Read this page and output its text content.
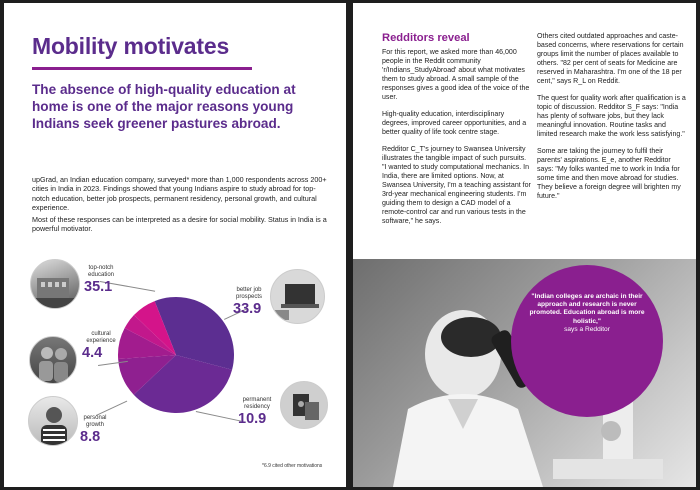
Mobility motivates
The absence of high-quality education at home is one of the major reasons young Indians seek greener pastures abroad.
upGrad, an Indian education company, surveyed* more than 1,000 respondents across 200+ cities in India in 2023. Findings showed that young Indians aspire to study abroad for top-notch education, better job prospects, permanent residency, personal growth, and cultural experience.
Most of these responses can be interpreted as a desire for social mobility. Status in India is a powerful motivator.
top-notch
education
35.1	better job
prospects
33.9
cultural
experience
4.4
permanent
residency
10.9
personal
growth
8.8
*6.9 cited other motivations
Redditors reveal

For this report, we asked more than 46,000 people in the Reddit community 'r/Indians_StudyAbroad' about what motivates them to study abroad. A small sample of the responses gives a good idea of the voice of the user.

High-quality education, interdisciplinary degrees, improved career opportunities, and a better quality of life took centre stage.

Redditor C_T's journey to Swansea University illustrates the tangible impact of such pursuits. "I wanted to study computational mechanics. In India, there are limited options. Now, at Swansea University, I'm a teaching assistant for 3rd-year mechanical engineering students. I'm guiding them to design a CAD model of a remote-control car and run various tests in the software," he says.

Others cited outdated approaches and caste-based concerns, where reservations for certain groups limit the number of places available to others. "82 per cent of seats for Medicine are reserved in Maharashtra. I'm one of the 18 per cent," says R_L on Reddit.

The quest for quality work after qualification is a topic of discussion. Redditor S_F says: "India has plenty of software jobs, but they lack meaningful innovation. Routine tasks and limited research make the work less satisfying."

Some are taking the journey to fulfil their parents' aspirations. E_e, another Redditor says: "My folks wanted me to work in India for some time and then move abroad for studies. They believe a foreign degree will brighten my future."

"Indian colleges are archaic in their approach and research is never promoted. Education abroad is more holistic,"
says a Redditor
